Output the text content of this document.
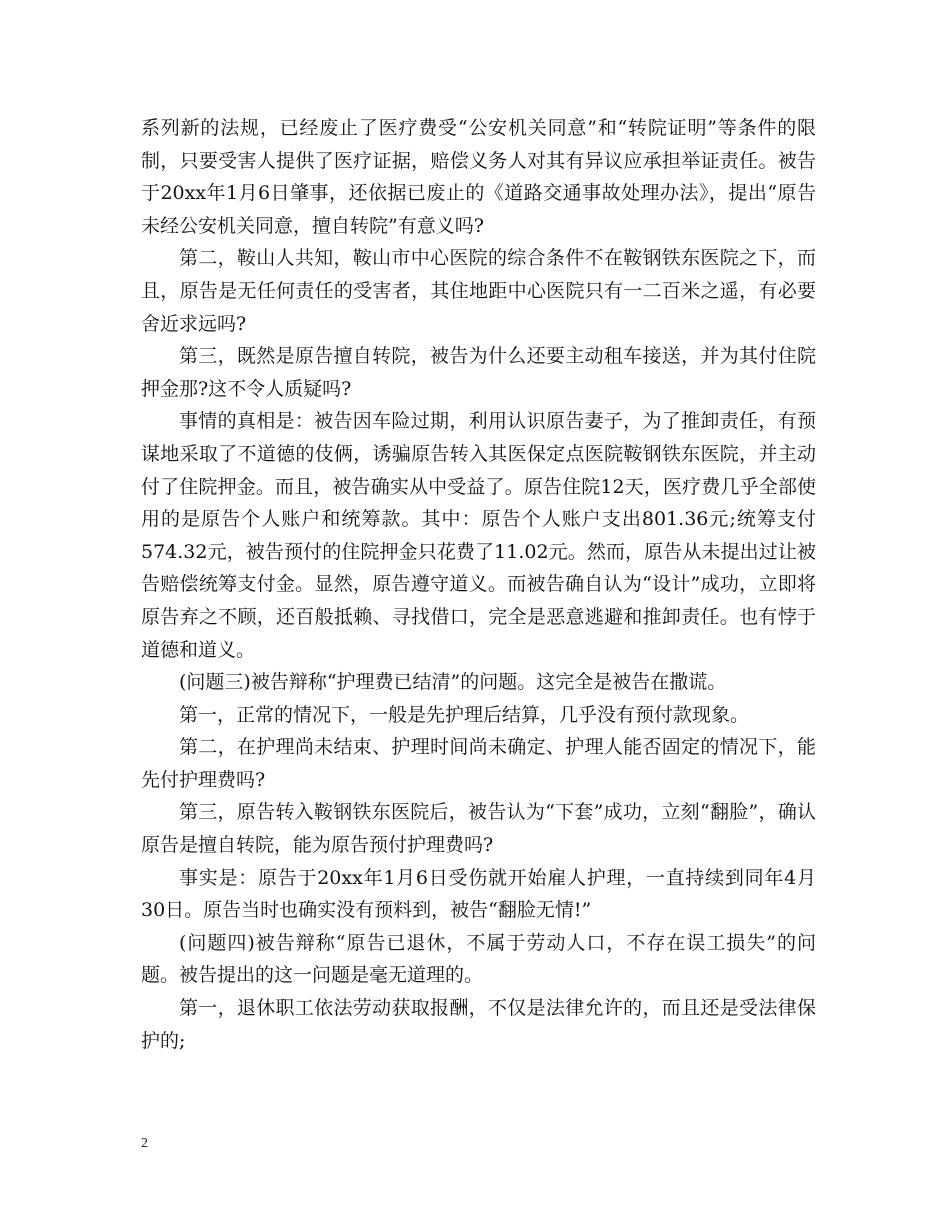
系列新的法规，已经废止了医疗费受“公安机关同意”和“转院证明”等条件的限制，只要受害人提供了医疗证据，赔偿义务人对其有异议应承担举证责任。被告于20xx年1月6日肇事，还依据已废止的《道路交通事故处理办法》，提出“原告未经公安机关同意，擅自转院”有意义吗?

第二，鞍山人共知，鞍山市中心医院的综合条件不在鞍钢铁东医院之下，而且，原告是无任何责任的受害者，其住地距中心医院只有一二百米之遥，有必要舍近求远吗?

第三，既然是原告擅自转院，被告为什么还要主动租车接送，并为其付住院押金那?这不令人质疑吗?

事情的真相是：被告因车险过期，利用认识原告妻子，为了推卸责任，有预谋地采取了不道德的伎俩，诱骗原告转入其医保定点医院鞍钢铁东医院，并主动付了住院押金。而且，被告确实从中受益了。原告住院12天，医疗费几乎全部使用的是原告个人账户和统筹款。其中：原告个人账户支出801.36元;统筹支付574.32元，被告预付的住院押金只花费了11.02元。然而，原告从未提出过让被告赔偿统筹支付金。显然，原告遵守道义。而被告确自认为“设计”成功，立即将原告弃之不顾，还百般抵赖、寻找借口，完全是恶意逃避和推卸责任。也有悖于道德和道义。

(问题三)被告辩称“护理费已结清”的问题。这完全是被告在撒谎。

第一，正常的情况下，一般是先护理后结算，几乎没有预付款现象。

第二，在护理尚未结束、护理时间尚未确定、护理人能否固定的情况下，能先付护理费吗?

第三，原告转入鞍钢铁东医院后，被告认为“下套”成功，立刻“翻脸”，确认原告是擅自转院，能为原告预付护理费吗?

事实是：原告于20xx年1月6日受伤就开始雇人护理，一直持续到同年4月30日。原告当时也确实没有预料到，被告“翻脸无情!”

(问题四)被告辩称“原告已退休，不属于劳动人口，不存在误工损失”的问题。被告提出的这一问题是毫无道理的。

第一，退休职工依法劳动获取报酬，不仅是法律允许的，而且还是受法律保护的;

2
